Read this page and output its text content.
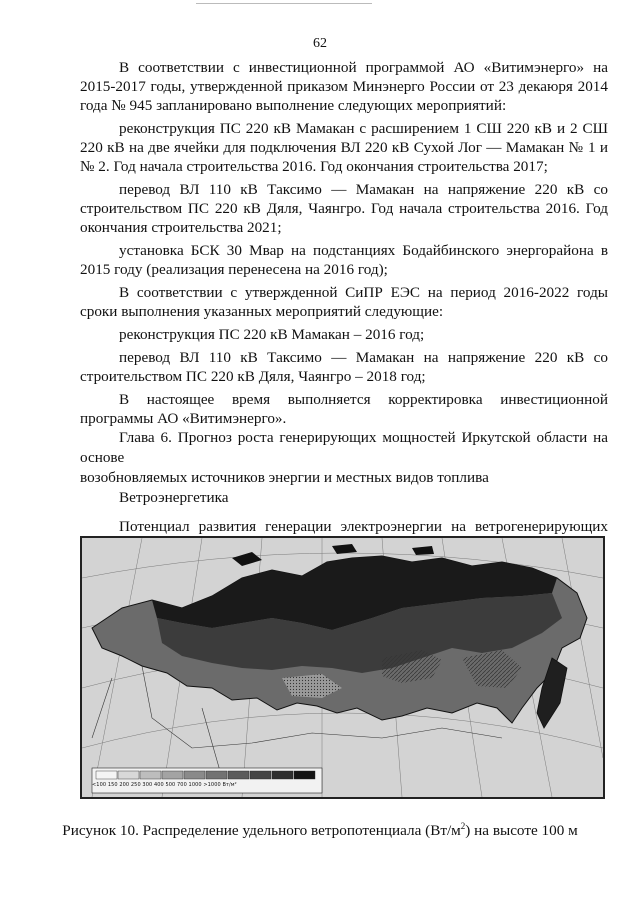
62

В соответствии с инвестиционной программой АО «Витимэнерго» на 2015-2017 годы, утвержденной приказом Минэнерго России от 23 декаюря 2014 года № 945 запланировано выполнение следующих мероприятий:

реконструкция ПС 220 кВ Мамакан с расширением 1 СШ 220 кВ и 2 СШ 220 кВ на две ячейки для подключения ВЛ 220 кВ Сухой Лог — Мамакан № 1 и № 2. Год начала строительства 2016. Год окончания строительства 2017;

перевод ВЛ 110 кВ Таксимо — Мамакан на напряжение 220 кВ со строительством ПС 220 кВ Дяля, Чаянгро. Год начала строительства 2016. Год окончания строительства 2021;

установка БСК 30 Мвар на подстанциях Бодайбинского энергорайона в 2015 году (реализация перенесена на 2016 год);

В соответствии с утвержденной СиПР ЕЭС на период 2016-2022 годы сроки выполнения указанных мероприятий следующие:

реконструкция ПС 220 кВ Мамакан – 2016 год;

перевод ВЛ 110 кВ Таксимо — Мамакан на напряжение 220 кВ со строительством ПС 220 кВ Дяля, Чаянгро – 2018 год;

В настоящее время выполняется корректировка инвестиционной программы АО «Витимэнерго».

Глава 6. Прогноз роста генерирующих мощностей Иркутской области на основе
возобновляемых источников энергии и местных видов топлива

Ветроэнергетика

Потенциал развития генерации электроэнергии на ветрогенерирующих

<100 150 200 250 300 400 500 700 1000 >1000 Вт/м²
Рисунок 10. Распределение удельного ветропотенциала $(Вт/м^2)$ на высоте 100 м
